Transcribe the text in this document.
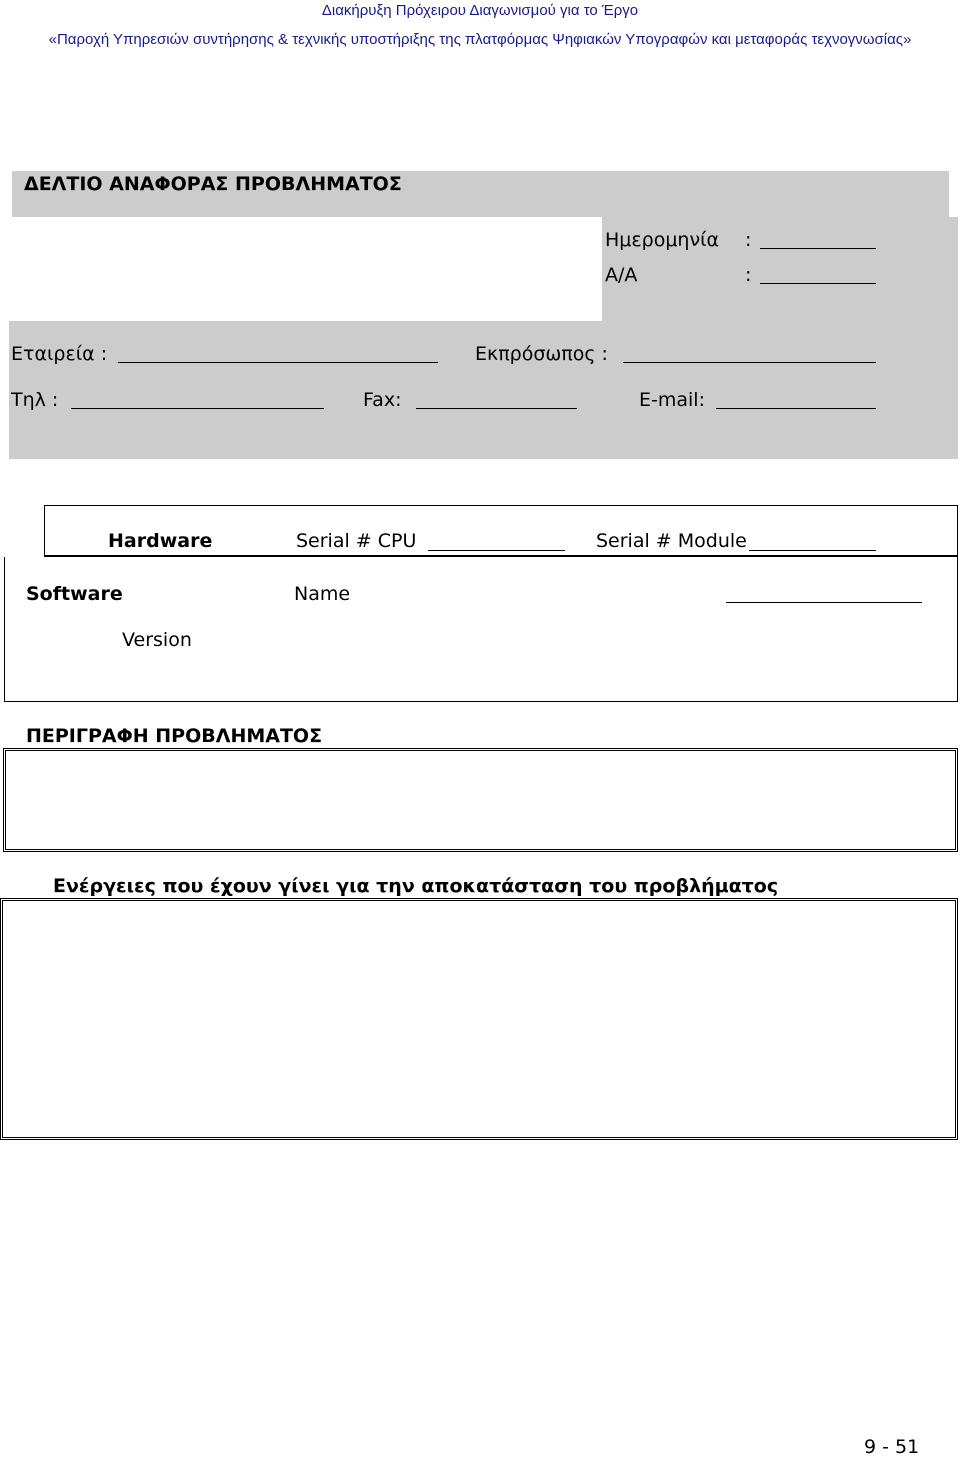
Διακήρυξη Πρόχειρου Διαγωνισμού για το Έργο
«Παροχή Υπηρεσιών συντήρησης & τεχνικής υποστήριξης της πλατφόρμας Ψηφιακών Υπογραφών και μεταφοράς τεχνογνωσίας»
ΔΕΛΤΙΟ ΑΝΑΦΟΡΑΣ ΠΡΟΒΛΗΜΑΤΟΣ
Ημερομηνία :
Α/Α	:
Εταιρεία :	Εκπρόσωπος :
Τηλ :	Fax:	E-mail:
Hardware	Serial # CPU	Serial # Module
Software	Name
Version
ΠΕΡΙΓΡΑΦΗ ΠΡΟΒΛΗΜΑΤΟΣ
Ενέργειες που έχουν γίνει για την αποκατάσταση του προβλήματος
9 - 51
